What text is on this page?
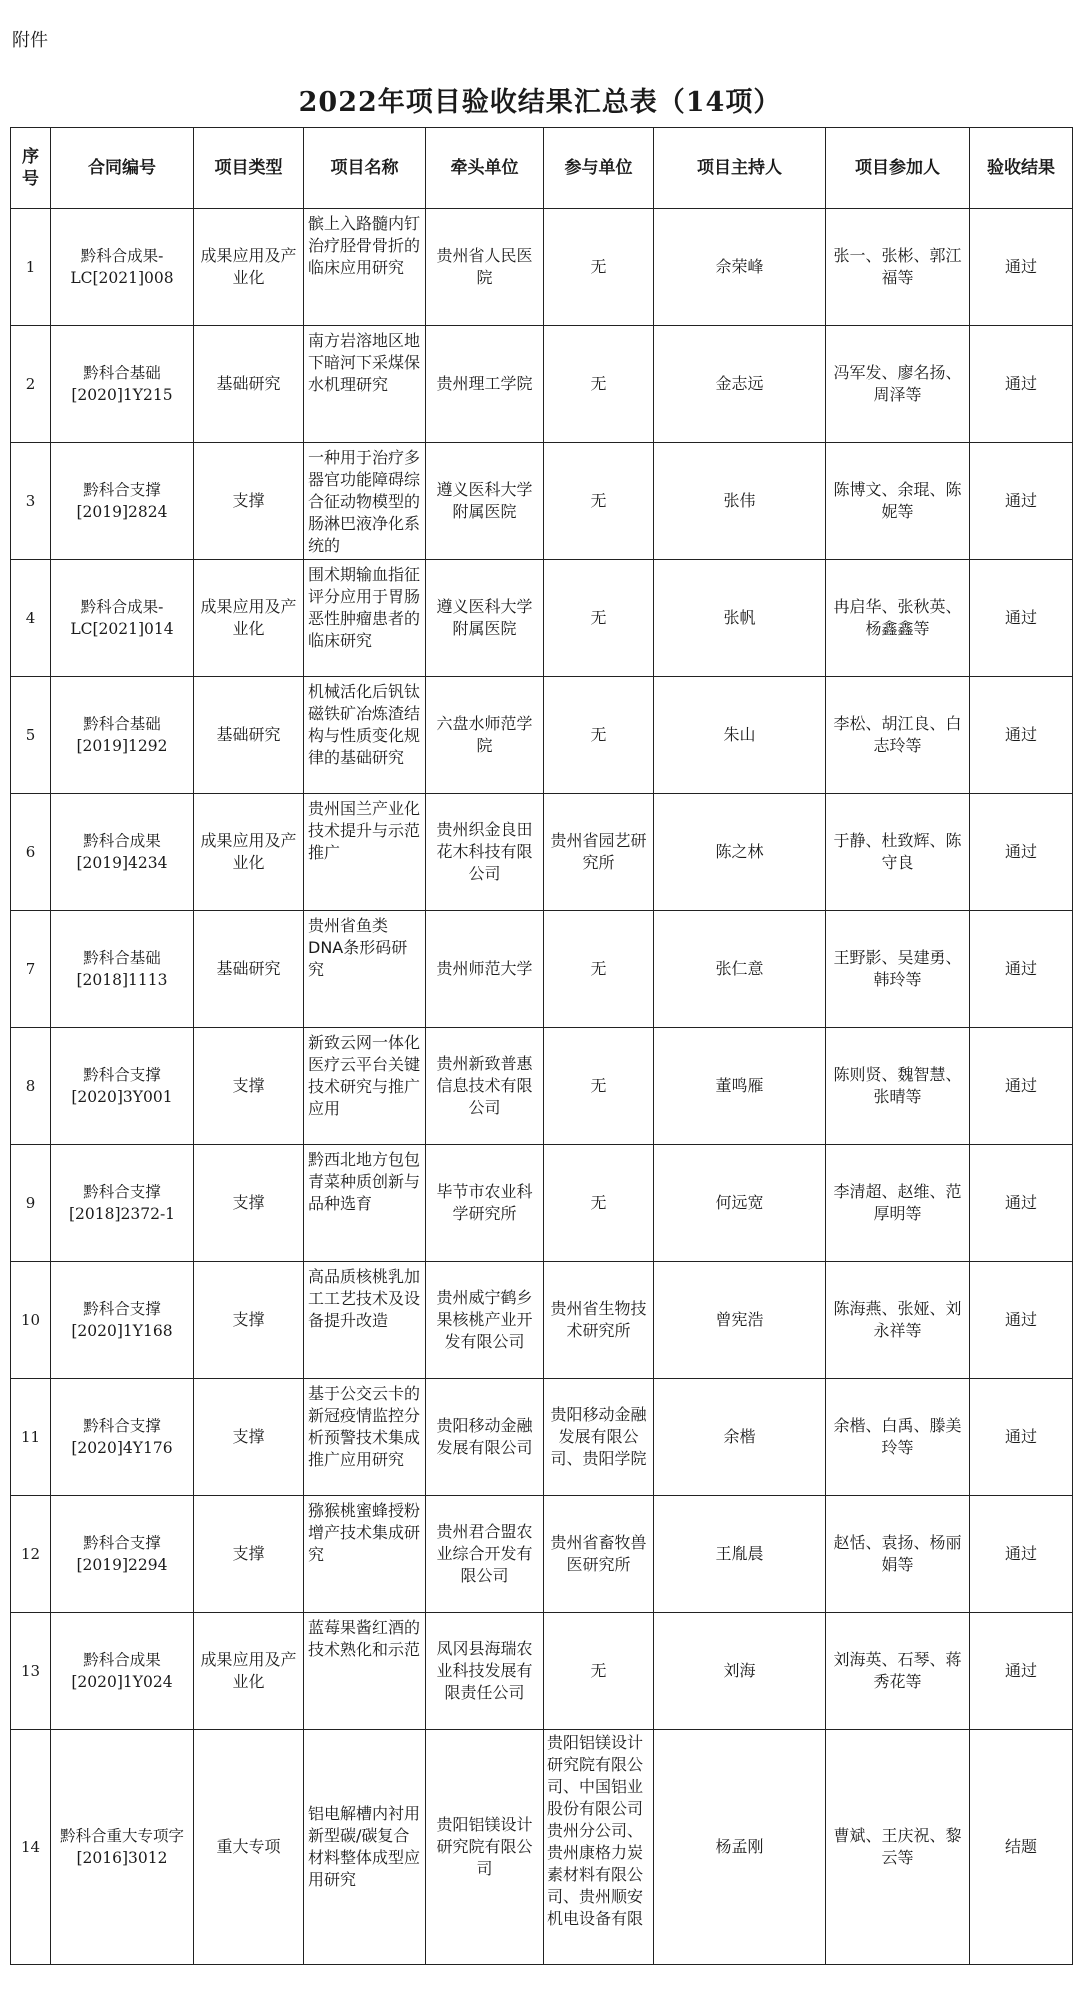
附件
2022年项目验收结果汇总表（14项）
序号	合同编号	项目类型	项目名称	牵头单位	参与单位	项目主持人	项目参加人	验收结果
1	黔科合成果-LC[2021]008	成果应用及产业化	髌上入路髓内钉治疗胫骨骨折的临床应用研究	贵州省人民医院	无	佘荣峰	张一、张彬、郭江福等	通过
2	黔科合基础[2020]1Y215	基础研究	南方岩溶地区地下暗河下采煤保水机理研究	贵州理工学院	无	金志远	冯军发、廖名扬、周泽等	通过
3	黔科合支撑[2019]2824	支撑	一种用于治疗多器官功能障碍综合征动物模型的肠淋巴液净化系统的	遵义医科大学附属医院	无	张伟	陈博文、余琨、陈妮等	通过
4	黔科合成果-LC[2021]014	成果应用及产业化	围术期输血指征评分应用于胃肠恶性肿瘤患者的临床研究	遵义医科大学附属医院	无	张帆	冉启华、张秋英、杨鑫鑫等	通过
5	黔科合基础[2019]1292	基础研究	机械活化后钒钛磁铁矿冶炼渣结构与性质变化规律的基础研究	六盘水师范学院	无	朱山	李松、胡江良、白志玲等	通过
6	黔科合成果[2019]4234	成果应用及产业化	贵州国兰产业化技术提升与示范推广	贵州织金良田花木科技有限公司	贵州省园艺研究所	陈之林	于静、杜致辉、陈守良	通过
7	黔科合基础[2018]1113	基础研究	贵州省鱼类DNA条形码研究	贵州师范大学	无	张仁意	王野影、吴建勇、韩玲等	通过
8	黔科合支撑[2020]3Y001	支撑	新致云网一体化医疗云平台关键技术研究与推广应用	贵州新致普惠信息技术有限公司	无	董鸣雁	陈则贤、魏智慧、张晴等	通过
9	黔科合支撑[2018]2372-1	支撑	黔西北地方包包青菜种质创新与品种选育	毕节市农业科学研究所	无	何远宽	李清超、赵维、范厚明等	通过
10	黔科合支撑[2020]1Y168	支撑	高品质核桃乳加工工艺技术及设备提升改造	贵州威宁鹤乡果核桃产业开发有限公司	贵州省生物技术研究所	曾宪浩	陈海燕、张娅、刘永祥等	通过
11	黔科合支撑[2020]4Y176	支撑	基于公交云卡的新冠疫情监控分析预警技术集成推广应用研究	贵阳移动金融发展有限公司	贵阳移动金融发展有限公司、贵阳学院	余楷	余楷、白禹、滕美玲等	通过
12	黔科合支撑[2019]2294	支撑	猕猴桃蜜蜂授粉增产技术集成研究	贵州君合盟农业综合开发有限公司	贵州省畜牧兽医研究所	王胤晨	赵恬、袁扬、杨丽娟等	通过
13	黔科合成果[2020]1Y024	成果应用及产业化	蓝莓果酱红酒的技术熟化和示范	凤冈县海瑞农业科技发展有限责任公司	无	刘海	刘海英、石琴、蒋秀花等	通过
14	黔科合重大专项字[2016]3012	重大专项	铝电解槽内衬用新型碳/碳复合材料整体成型应用研究	贵阳铝镁设计研究院有限公司	贵阳铝镁设计研究院有限公司、中国铝业股份有限公司贵州分公司、贵州康格力炭素材料有限公司、贵州顺安机电设备有限	杨孟刚	曹斌、王庆祝、黎云等	结题
